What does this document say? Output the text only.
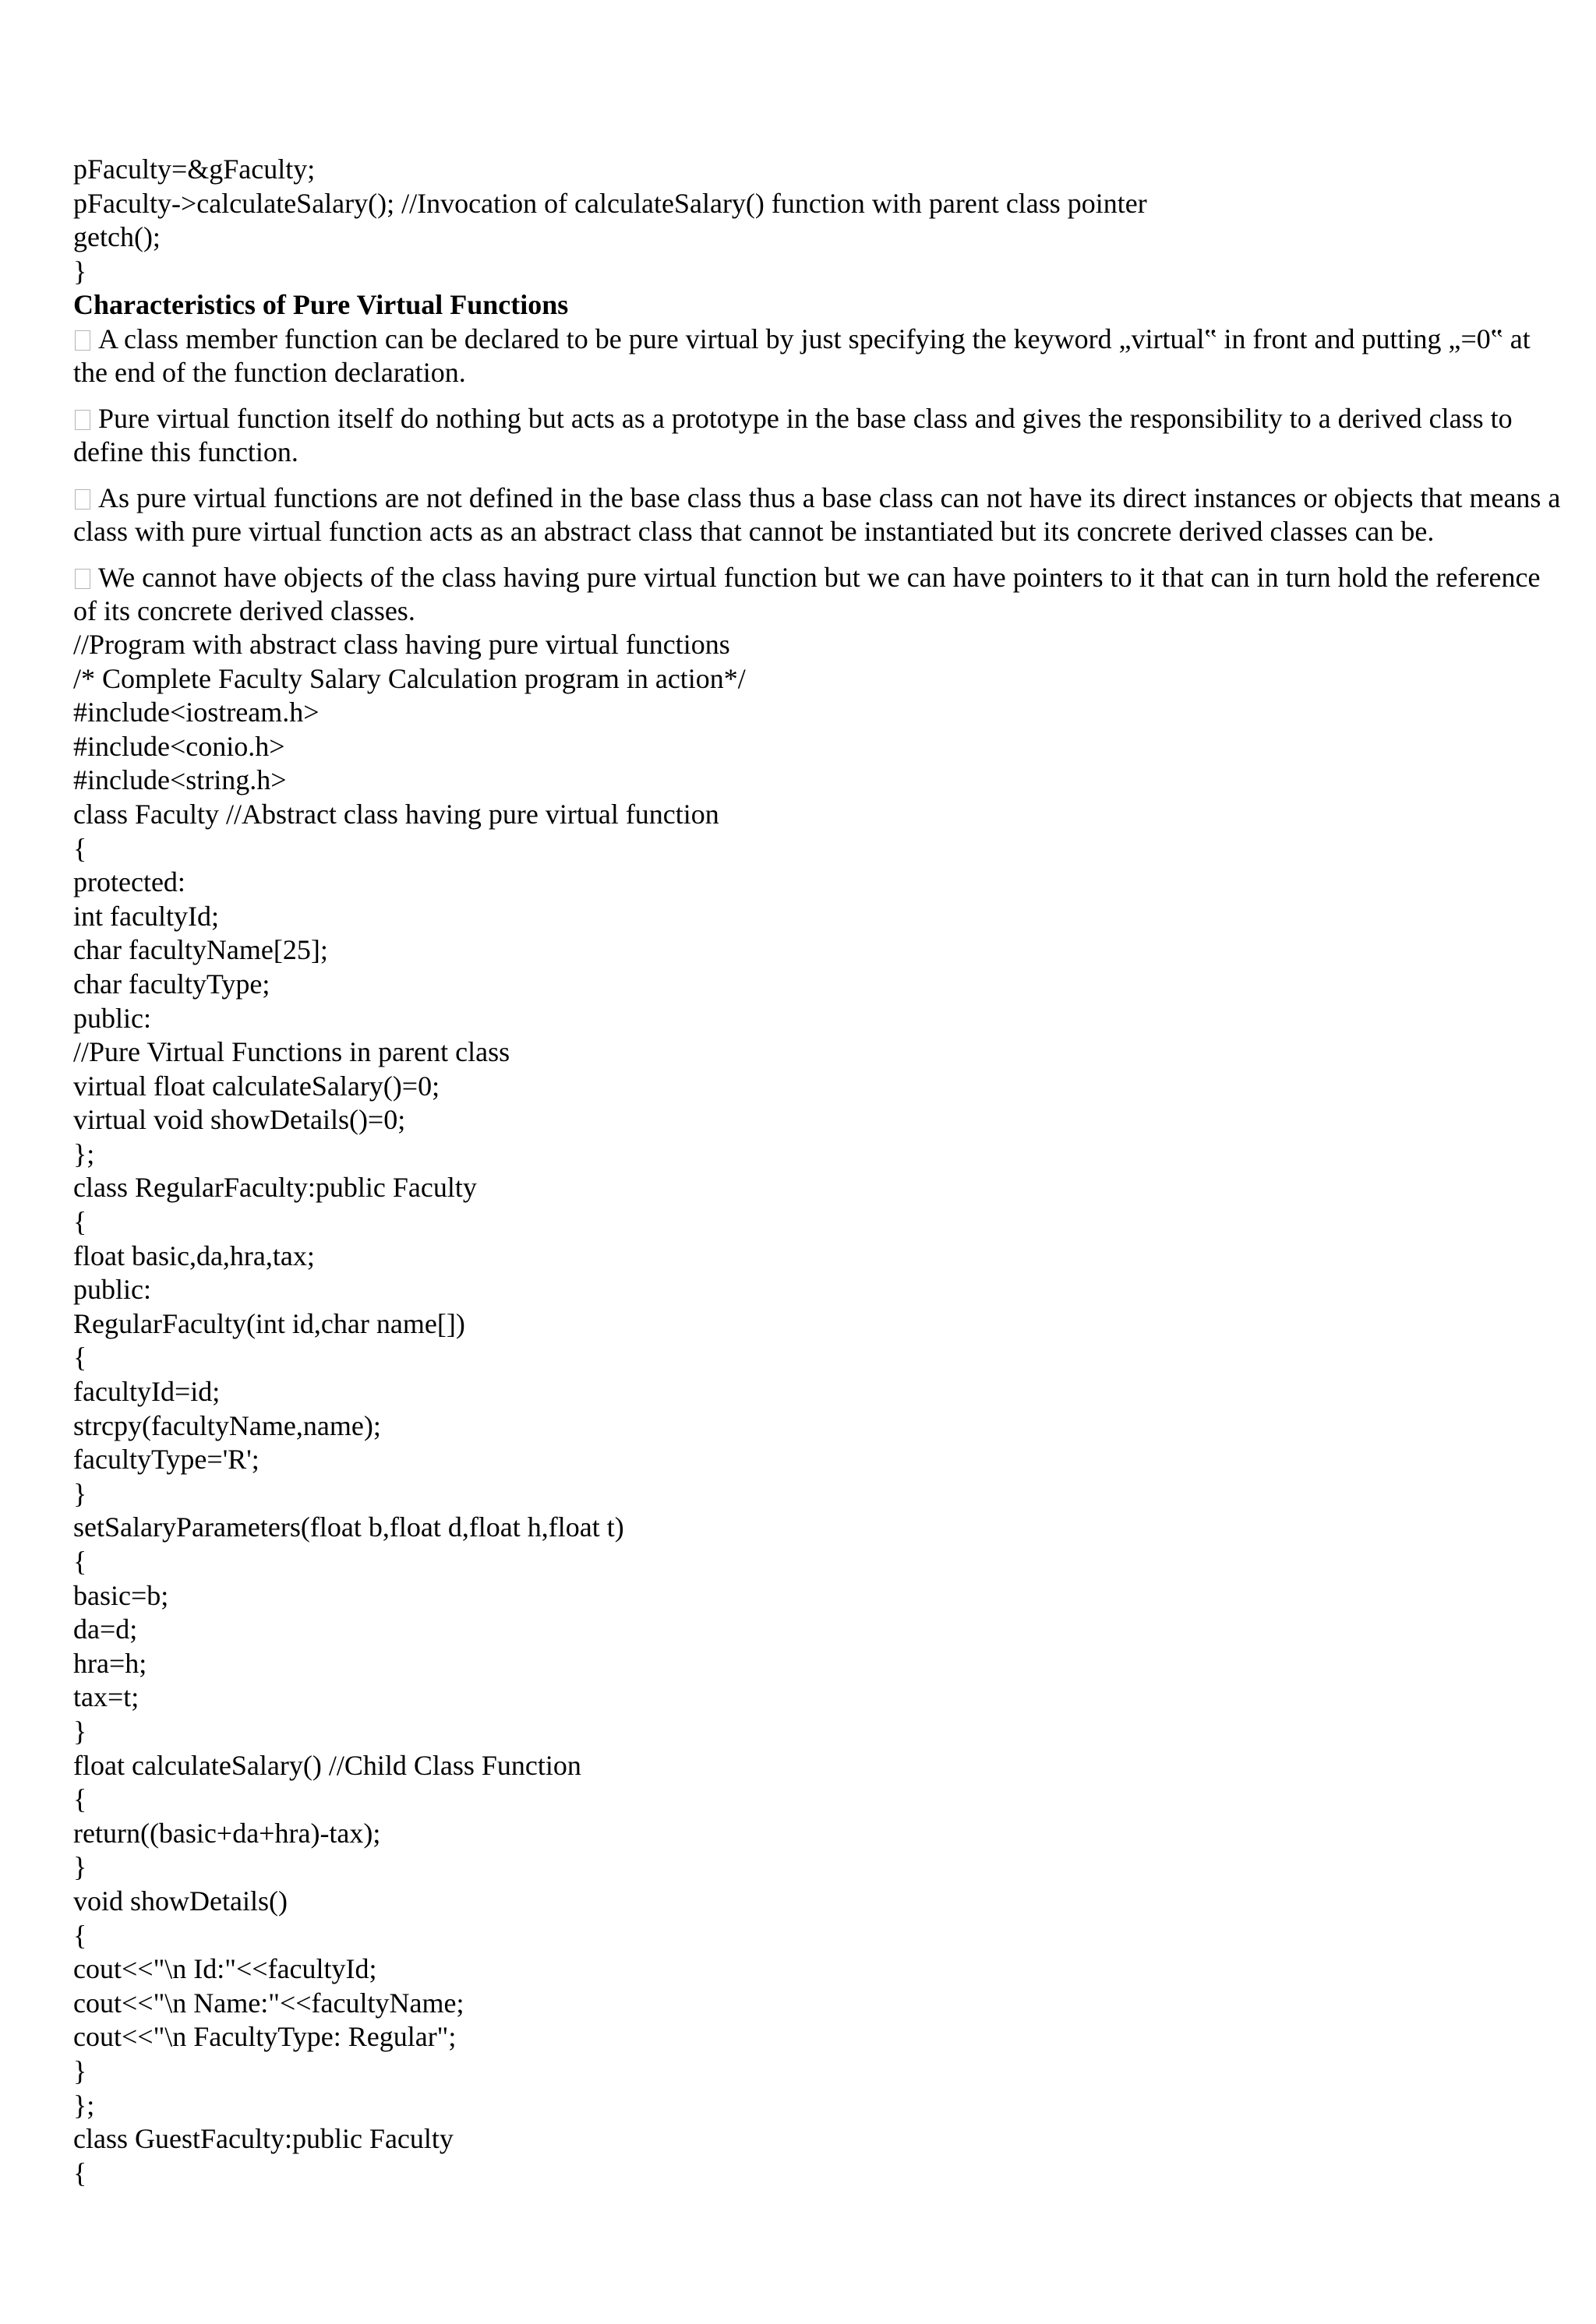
pFaculty=&gFaculty;
pFaculty->calculateSalary(); //Invocation of calculateSalary() function with parent class pointer
getch();
}
Characteristics of Pure Virtual Functions
A class member function can be declared to be pure virtual by just specifying the keyword „virtual‟ in front and putting „=0‟ at the end of the function declaration.
Pure virtual function itself do nothing but acts as a prototype in the base class and gives the responsibility to a derived class to define this function.
As pure virtual functions are not defined in the base class thus a base class can not have its direct instances or objects that means a class with pure virtual function acts as an abstract class that cannot be instantiated but its concrete derived classes can be.
We cannot have objects of the class having pure virtual function but we can have pointers to it that can in turn hold the reference of its concrete derived classes.
//Program with abstract class having pure virtual functions
/* Complete Faculty Salary Calculation program in action*/
#include<iostream.h>
#include<conio.h>
#include<string.h>
class Faculty //Abstract class having pure virtual function
{
protected:
int facultyId;
char facultyName[25];
char facultyType;
public:
//Pure Virtual Functions in parent class
virtual float calculateSalary()=0;
virtual void showDetails()=0;
};
class RegularFaculty:public Faculty
{
float basic,da,hra,tax;
public:
RegularFaculty(int id,char name[])
{
facultyId=id;
strcpy(facultyName,name);
facultyType='R';
}
setSalaryParameters(float b,float d,float h,float t)
{
basic=b;
da=d;
hra=h;
tax=t;
}
float calculateSalary() //Child Class Function
{
return((basic+da+hra)-tax);
}
void showDetails()
{
cout<<"\n Id:"<<facultyId;
cout<<"\n Name:"<<facultyName;
cout<<"\n FacultyType: Regular";
}
};
class GuestFaculty:public Faculty
{
